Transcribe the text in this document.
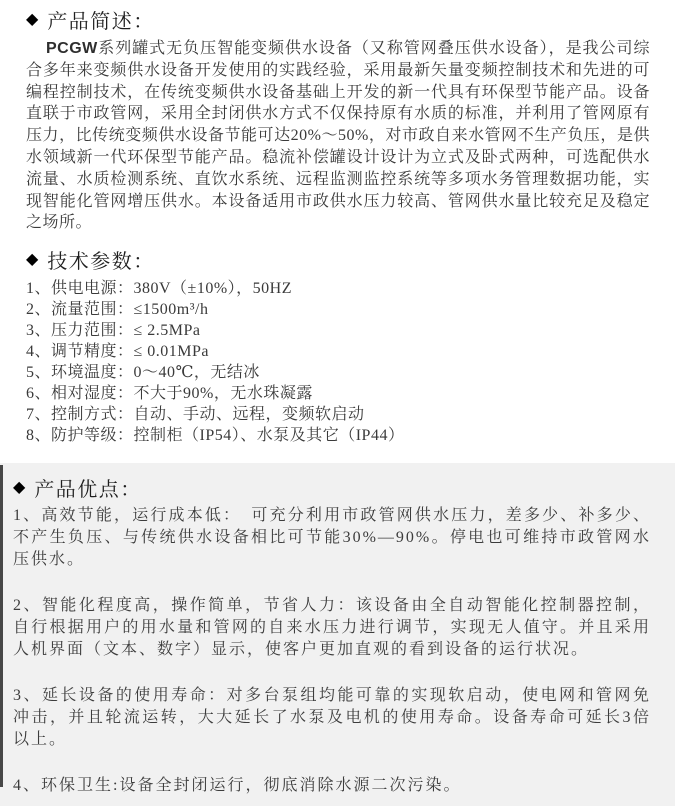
◆ 产品简述：

PCGW系列罐式无负压智能变频供水设备（又称管网叠压供水设备），是我公司综合多年来变频供水设备开发使用的实践经验，采用最新矢量变频控制技术和先进的可编程控制技术，在传统变频供水设备基础上开发的新一代具有环保型节能产品。设备直联于市政管网，采用全封闭供水方式不仅保持原有水质的标准，并利用了管网原有压力，比传统变频供水设备节能可达20%～50%，对市政自来水管网不生产负压，是供水领域新一代环保型节能产品。稳流补偿罐设计设计为立式及卧式两种，可选配供水流量、水质检测系统、直饮水系统、远程监测监控系统等多项水务管理数据功能，实现智能化管网增压供水。本设备适用市政供水压力较高、管网供水量比较充足及稳定之场所。

◆ 技术参数：
1、供电电源：380V（±10%），50HZ
2、流量范围：≤1500m³/h
3、压力范围：≤ 2.5MPa
4、调节精度：≤ 0.01MPa
5、环境温度：0～40℃，无结冰
6、相对湿度：不大于90%，无水珠凝露
7、控制方式：自动、手动、远程，变频软启动
8、防护等级：控制柜（IP54）、水泵及其它（IP44）
◆ 产品优点：

1、高效节能，运行成本低：　可充分利用市政管网供水压力，差多少、补多少、不产生负压、与传统供水设备相比可节能30%—90%。停电也可维持市政管网水压供水。

2、智能化程度高，操作简单，节省人力：该设备由全自动智能化控制器控制，自行根据用户的用水量和管网的自来水压力进行调节，实现无人值守。并且采用人机界面（文本、数字）显示，使客户更加直观的看到设备的运行状况。

3、延长设备的使用寿命：对多台泵组均能可靠的实现软启动，使电网和管网免冲击，并且轮流运转，大大延长了水泵及电机的使用寿命。设备寿命可延长3倍以上。

4、环保卫生:设备全封闭运行，彻底消除水源二次污染。
